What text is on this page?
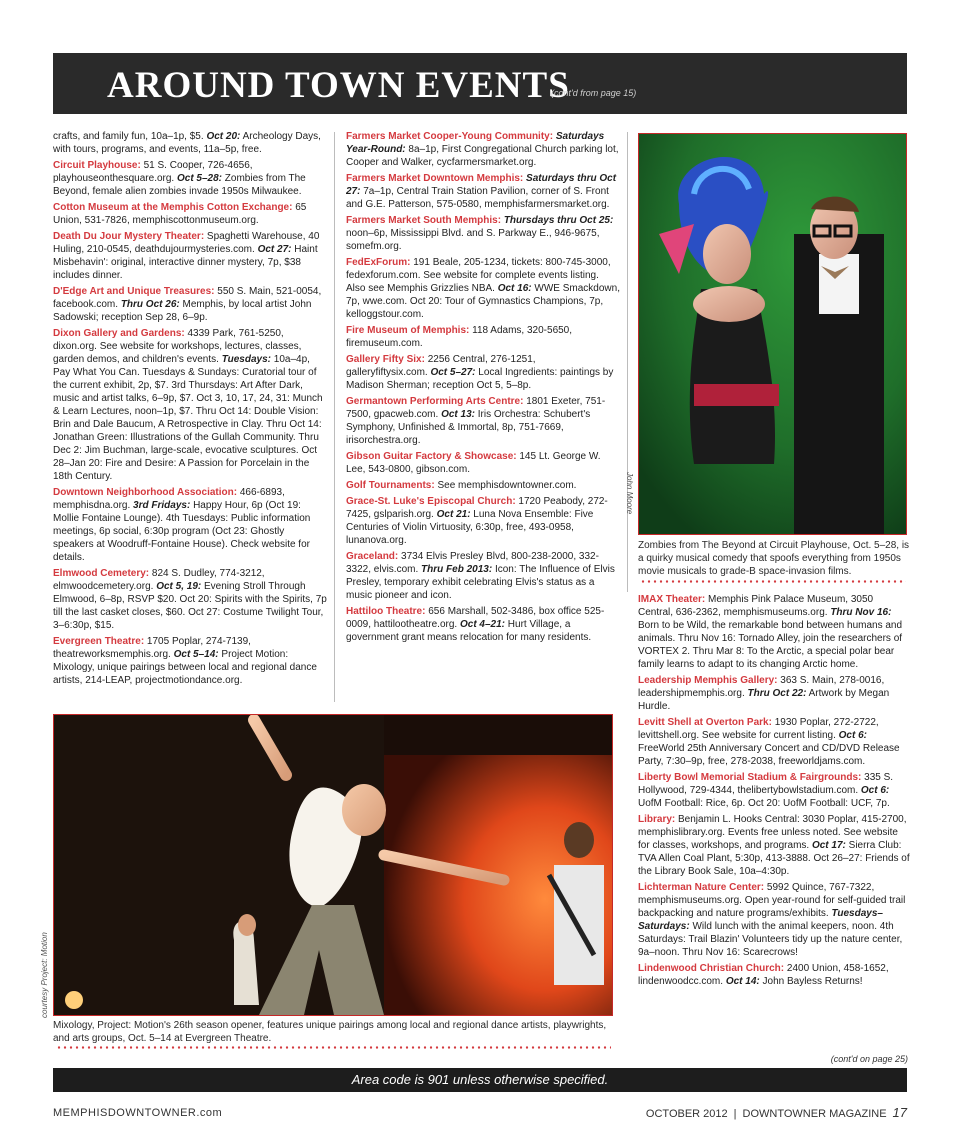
AROUND TOWN EVENTS
(cont'd from page 15)

crafts, and family fun, 10a–1p, $5. Oct 20: Archeology Days, with tours, programs, and events, 11a–5p, free.

Circuit Playhouse: 51 S. Cooper, 726-4656, playhouseonthesquare.org. Oct 5–28: Zombies from The Beyond, female alien zombies invade 1950s Milwaukee.

Cotton Museum at the Memphis Cotton Exchange: 65 Union, 531-7826, memphiscottonmuseum.org.

Death Du Jour Mystery Theater: Spaghetti Warehouse, 40 Huling, 210-0545, deathdujourmysteries.com. Oct 27: Haint Misbehavin': original, interactive dinner mystery, 7p, $38 includes dinner.

D'Edge Art and Unique Treasures: 550 S. Main, 521-0054, facebook.com. Thru Oct 26: Memphis, by local artist John Sadowski; reception Sep 28, 6–9p.

Dixon Gallery and Gardens: 4339 Park, 761-5250, dixon.org. See website for workshops, lectures, classes, garden demos, and children's events. Tuesdays: 10a–4p, Pay What You Can. Tuesdays & Sundays: Curatorial tour of the current exhibit, 2p, $7. 3rd Thursdays: Art After Dark, music and artist talks, 6–9p, $7. Oct 3, 10, 17, 24, 31: Munch & Learn Lectures, noon–1p, $7. Thru Oct 14: Double Vision: Brin and Dale Baucum, A Retrospective in Clay. Thru Oct 14: Jonathan Green: Illustrations of the Gullah Community. Thru Dec 2: Jim Buchman, large-scale, evocative sculptures. Oct 28–Jan 20: Fire and Desire: A Passion for Porcelain in the 18th Century.

Downtown Neighborhood Association: 466-6893, memphisdna.org. 3rd Fridays: Happy Hour, 6p (Oct 19: Mollie Fontaine Lounge). 4th Tuesdays: Public information meetings, 6p social, 6:30p program (Oct 23: Ghostly speakers at Woodruff-Fontaine House). Check website for details.

Elmwood Cemetery: 824 S. Dudley, 774-3212, elmwoodcemetery.org. Oct 5, 19: Evening Stroll Through Elmwood, 6–8p, RSVP $20. Oct 20: Spirits with the Spirits, 7p till the last casket closes, $60. Oct 27: Costume Twilight Tour, 3–6:30p, $15.

Evergreen Theatre: 1705 Poplar, 274-7139, theatreworksmemphis.org. Oct 5–14: Project Motion: Mixology, unique pairings between local and regional dance artists, 214-LEAP, projectmotiondance.org.

Farmers Market Cooper-Young Community: Saturdays Year-Round: 8a–1p, First Congregational Church parking lot, Cooper and Walker, cycfarmersmarket.org.

Farmers Market Downtown Memphis: Saturdays thru Oct 27: 7a–1p, Central Train Station Pavilion, corner of S. Front and G.E. Patterson, 575-0580, memphisfarmersmarket.org.

Farmers Market South Memphis: Thursdays thru Oct 25: noon–6p, Mississippi Blvd. and S. Parkway E., 946-9675, somefm.org.

FedExForum: 191 Beale, 205-1234, tickets: 800-745-3000, fedexforum.com. See website for complete events listing. Also see Memphis Grizzlies NBA. Oct 16: WWE Smackdown, 7p, wwe.com. Oct 20: Tour of Gymnastics Champions, 7p, kelloggstour.com.

Fire Museum of Memphis: 118 Adams, 320-5650, firemuseum.com.

Gallery Fifty Six: 2256 Central, 276-1251, galleryfiftysix.com. Oct 5–27: Local Ingredients: paintings by Madison Sherman; reception Oct 5, 5–8p.

Germantown Performing Arts Centre: 1801 Exeter, 751-7500, gpacweb.com. Oct 13: Iris Orchestra: Schubert's Symphony, Unfinished & Immortal, 8p, 751-7669, irisorchestra.org.

Gibson Guitar Factory & Showcase: 145 Lt. George W. Lee, 543-0800, gibson.com.

Golf Tournaments: See memphisdowntowner.com.

Grace-St. Luke's Episcopal Church: 1720 Peabody, 272-7425, gslparish.org. Oct 21: Luna Nova Ensemble: Five Centuries of Violin Virtuosity, 6:30p, free, 493-0958, lunanova.org.

Graceland: 3734 Elvis Presley Blvd, 800-238-2000, 332-3322, elvis.com. Thru Feb 2013: Icon: The Influence of Elvis Presley, temporary exhibit celebrating Elvis's status as a music pioneer and icon.

Hattiloo Theatre: 656 Marshall, 502-3486, box office 525-0009, hattilootheatre.org. Oct 4–21: Hurt Village, a government grant means relocation for many residents.

John Moore
Zombies from The Beyond at Circuit Playhouse, Oct. 5–28, is a quirky musical comedy that spoofs everything from 1950s movie musicals to grade-B space-invasion films.

IMAX Theater: Memphis Pink Palace Museum, 3050 Central, 636-2362, memphismuseums.org. Thru Nov 16: Born to be Wild, the remarkable bond between humans and animals. Thru Nov 16: Tornado Alley, join the researchers of VORTEX 2. Thru Mar 8: To the Arctic, a special polar bear family learns to adapt to its changing Arctic home.

Leadership Memphis Gallery: 363 S. Main, 278-0016, leadershipmemphis.org. Thru Oct 22: Artwork by Megan Hurdle.

Levitt Shell at Overton Park: 1930 Poplar, 272-2722, levittshell.org. See website for current listing. Oct 6: FreeWorld 25th Anniversary Concert and CD/DVD Release Party, 7:30–9p, free, 278-2038, freeworldjams.com.

Liberty Bowl Memorial Stadium & Fairgrounds: 335 S. Hollywood, 729-4344, thelibertybowlstadium.com. Oct 6: UofM Football: Rice, 6p. Oct 20: UofM Football: UCF, 7p.

Library: Benjamin L. Hooks Central: 3030 Poplar, 415-2700, memphislibrary.org. Events free unless noted. See website for classes, workshops, and programs. Oct 17: Sierra Club: TVA Allen Coal Plant, 5:30p, 413-3888. Oct 26–27: Friends of the Library Book Sale, 10a–4:30p.

Lichterman Nature Center: 5992 Quince, 767-7322, memphismuseums.org. Open year-round for self-guided trail backpacking and nature programs/exhibits. Tuesdays–Saturdays: Wild lunch with the animal keepers, noon. 4th Saturdays: Trail Blazin' Volunteers tidy up the nature center, 9a–noon. Thru Nov 16: Scarecrows!

Lindenwood Christian Church: 2400 Union, 458-1652, lindenwoodcc.com. Oct 14: John Bayless Returns!

courtesy Project: Motion
Mixology, Project: Motion's 26th season opener, features unique pairings among local and regional dance artists, playwrights, and arts groups, Oct. 5–14 at Evergreen Theatre.
(cont'd on page 25)
Area code is 901 unless otherwise specified.
MEMPHISDOWNTOWNER.com	OCTOBER 2012 | DOWNTOWNER MAGAZINE 17
